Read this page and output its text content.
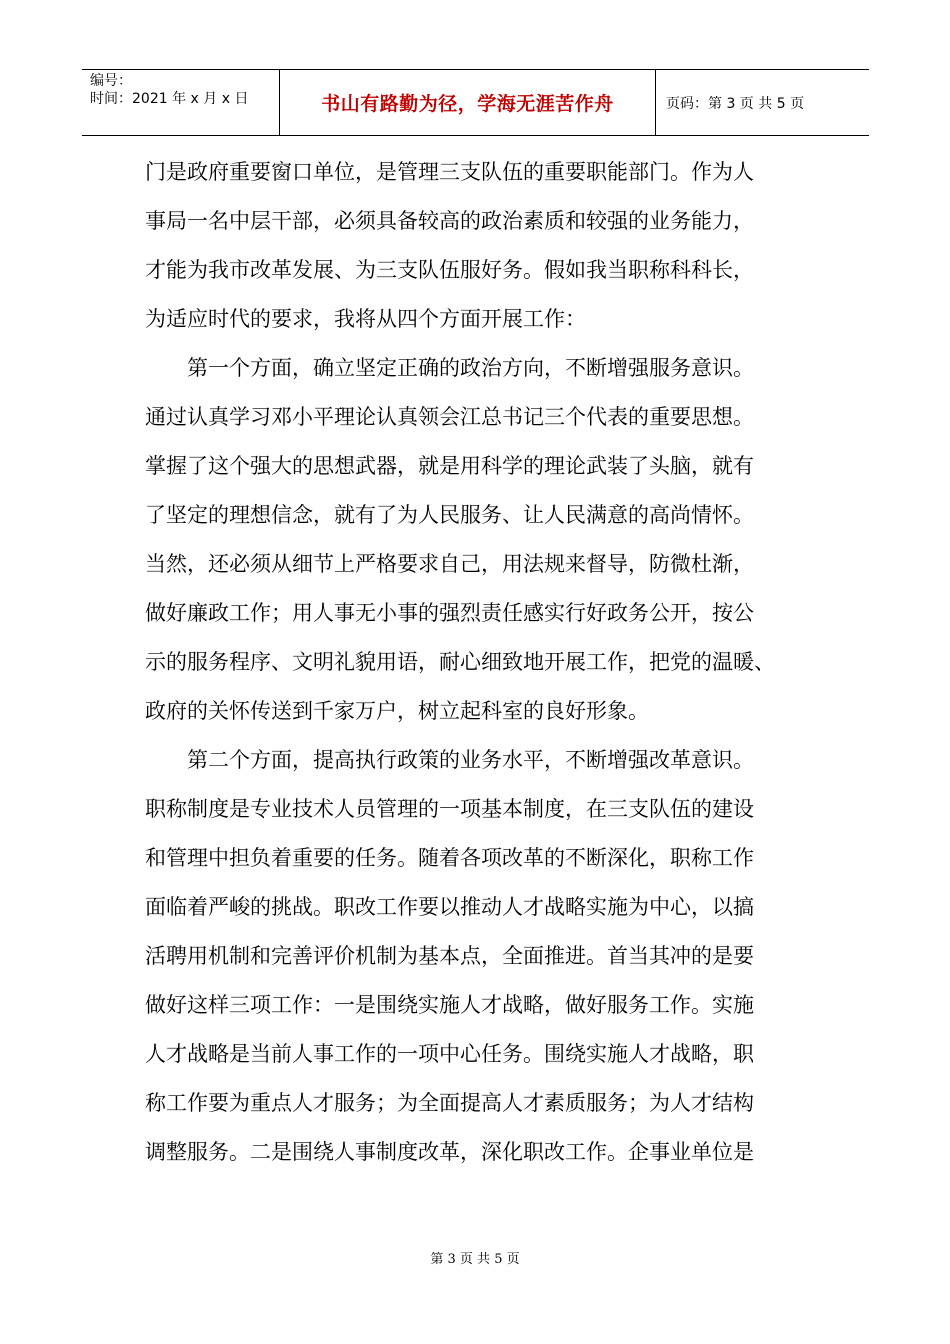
编号：
时间：2021 年 x 月 x 日	书山有路勤为径，学海无涯苦作舟	页码：第 3 页 共 5 页
门是政府重要窗口单位，是管理三支队伍的重要职能部门。作为人
事局一名中层干部，必须具备较高的政治素质和较强的业务能力，
才能为我市改革发展、为三支队伍服好务。假如我当职称科科长，
为适应时代的要求，我将从四个方面开展工作：
第一个方面，确立坚定正确的政治方向，不断增强服务意识。
通过认真学习邓小平理论认真领会江总书记三个代表的重要思想。
掌握了这个强大的思想武器，就是用科学的理论武装了头脑，就有
了坚定的理想信念，就有了为人民服务、让人民满意的高尚情怀。
当然，还必须从细节上严格要求自己，用法规来督导，防微杜渐，
做好廉政工作；用人事无小事的强烈责任感实行好政务公开，按公
示的服务程序、文明礼貌用语，耐心细致地开展工作，把党的温暖、
政府的关怀传送到千家万户，树立起科室的良好形象。
第二个方面，提高执行政策的业务水平，不断增强改革意识。
职称制度是专业技术人员管理的一项基本制度，在三支队伍的建设
和管理中担负着重要的任务。随着各项改革的不断深化，职称工作
面临着严峻的挑战。职改工作要以推动人才战略实施为中心，以搞
活聘用机制和完善评价机制为基本点，全面推进。首当其冲的是要
做好这样三项工作：一是围绕实施人才战略，做好服务工作。实施
人才战略是当前人事工作的一项中心任务。围绕实施人才战略，职
称工作要为重点人才服务；为全面提高人才素质服务；为人才结构
调整服务。二是围绕人事制度改革，深化职改工作。企事业单位是
第 3 页 共 5 页
